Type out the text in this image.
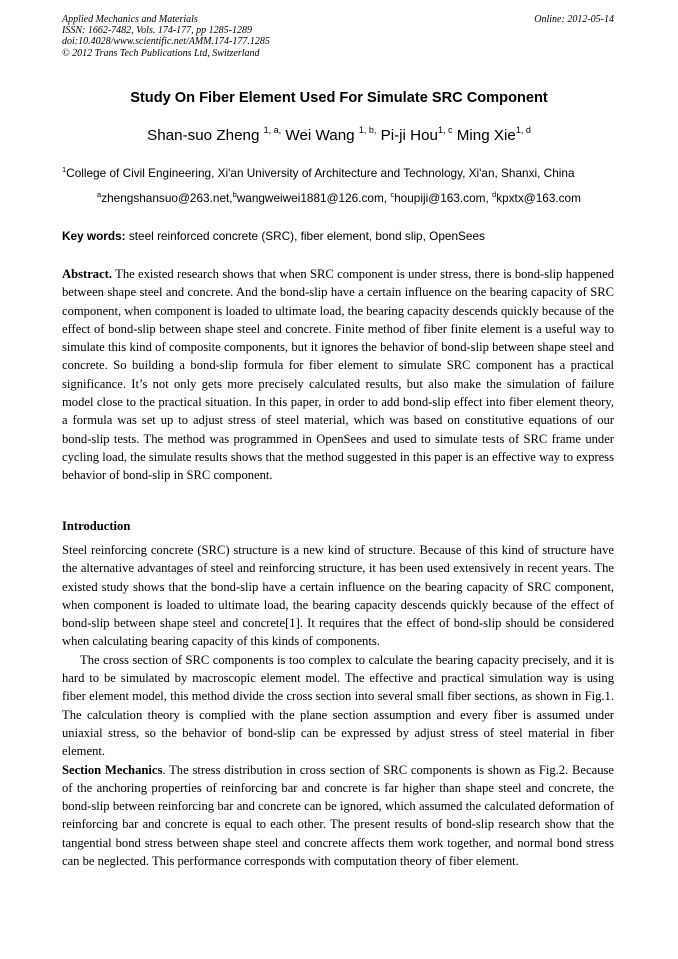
Applied Mechanics and Materials
ISSN: 1662-7482, Vols. 174-177, pp 1285-1289
doi:10.4028/www.scientific.net/AMM.174-177.1285
© 2012 Trans Tech Publications Ltd, Switzerland
Online: 2012-05-14
Study On Fiber Element Used For Simulate SRC Component
Shan-suo Zheng $^{1, a,}$ Wei Wang $^{1, b,}$ Pi-ji Hou$^{1, c}$ Ming Xie$^{1, d}$
$^1$College of Civil Engineering, Xi'an University of Architecture and Technology, Xi'an, Shanxi, China
$^a$zhengshansuo@263.net,$^b$wangweiwei1881@126.com, $^c$houpiji@163.com, $^d$kpxtx@163.com
Key words: steel reinforced concrete (SRC), fiber element, bond slip, OpenSees

Abstract. The existed research shows that when SRC component is under stress, there is bond-slip happened between shape steel and concrete. And the bond-slip have a certain influence on the bearing capacity of SRC component, when component is loaded to ultimate load, the bearing capacity descends quickly because of the effect of bond-slip between shape steel and concrete. Finite method of fiber finite element is a useful way to simulate this kind of composite components, but it ignores the behavior of bond-slip between shape steel and concrete. So building a bond-slip formula for fiber element to simulate SRC component has a practical significance. It’s not only gets more precisely calculated results, but also make the simulation of failure model close to the practical situation. In this paper, in order to add bond-slip effect into fiber element theory, a formula was set up to adjust stress of steel material, which was based on constitutive equations of our bond-slip tests. The method was programmed in OpenSees and used to simulate tests of SRC frame under cycling load, the simulate results shows that the method suggested in this paper is an effective way to express behavior of bond-slip in SRC component.

Introduction

Steel reinforcing concrete (SRC) structure is a new kind of structure. Because of this kind of structure have the alternative advantages of steel and reinforcing structure, it has been used extensively in recent years. The existed study shows that the bond-slip have a certain influence on the bearing capacity of SRC component, when component is loaded to ultimate load, the bearing capacity descends quickly because of the effect of bond-slip between shape steel and concrete[1]. It requires that the effect of bond-slip should be considered when calculating bearing capacity of this kinds of components.

The cross section of SRC components is too complex to calculate the bearing capacity precisely, and it is hard to be simulated by macroscopic element model. The effective and practical simulation way is using fiber element model, this method divide the cross section into several small fiber sections, as shown in Fig.1. The calculation theory is complied with the plane section assumption and every fiber is assumed under uniaxial stress, so the behavior of bond-slip can be expressed by adjust stress of steel material in fiber element.

Section Mechanics. The stress distribution in cross section of SRC components is shown as Fig.2. Because of the anchoring properties of reinforcing bar and concrete is far higher than shape steel and concrete, the bond-slip between reinforcing bar and concrete can be ignored, which assumed the calculated deformation of reinforcing bar and concrete is equal to each other. The present results of bond-slip research show that the tangential bond stress between shape steel and concrete affects them work together, and normal bond stress can be neglected. This performance corresponds with computation theory of fiber element.
